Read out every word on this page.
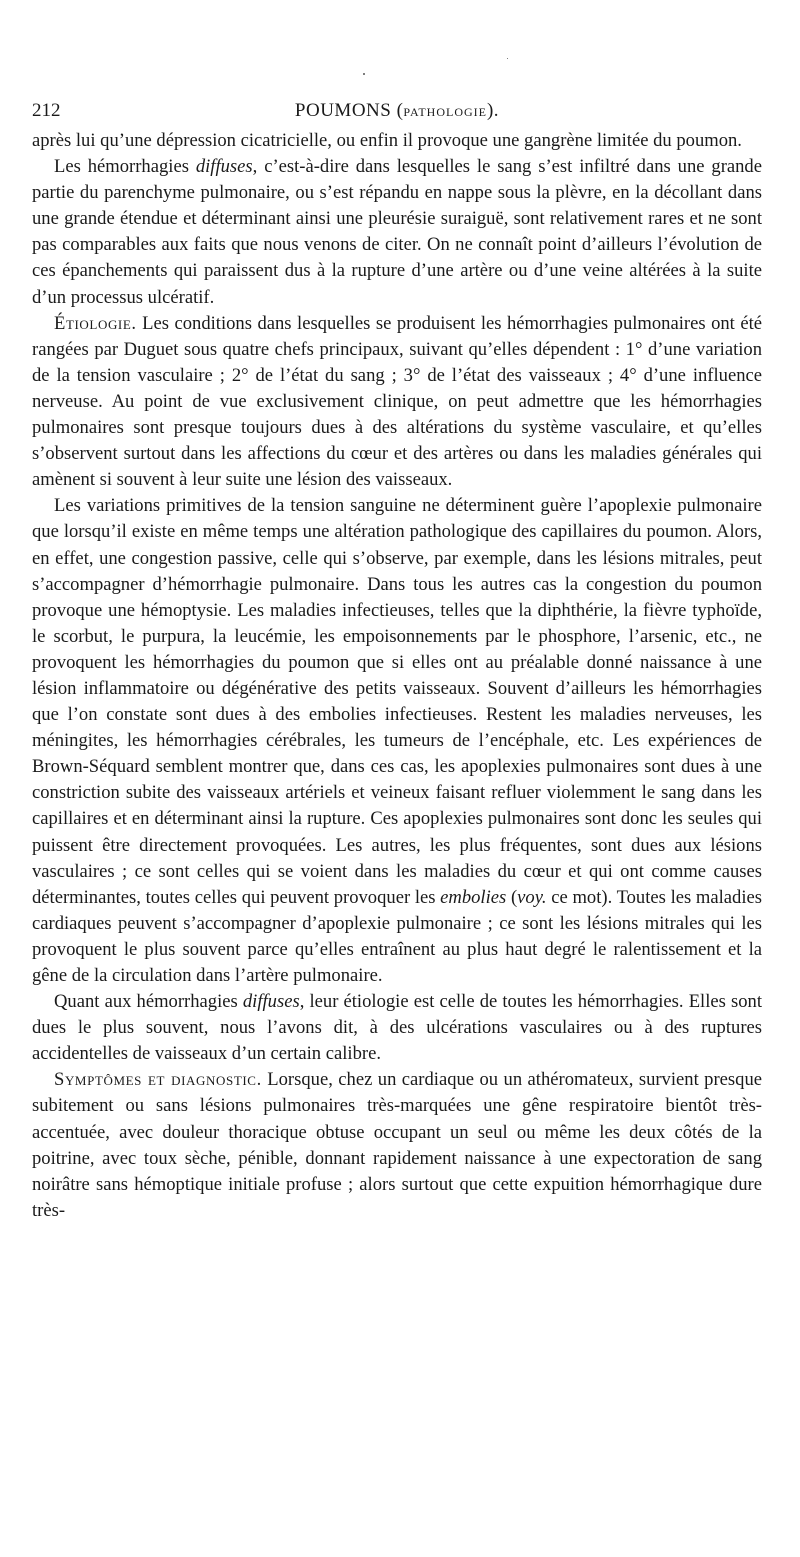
212	POUMONS (PATHOLOGIE).

après lui qu’une dépression cicatricielle, ou enfin il provoque une gangrène limitée du poumon.

Les hémorrhagies diffuses, c’est-à-dire dans lesquelles le sang s’est infiltré dans une grande partie du parenchyme pulmonaire, ou s’est répandu en nappe sous la plèvre, en la décollant dans une grande étendue et déterminant ainsi une pleurésie suraiguë, sont relativement rares et ne sont pas comparables aux faits que nous venons de citer. On ne connaît point d’ailleurs l’évolution de ces épanchements qui paraissent dus à la rupture d’une artère ou d’une veine altérées à la suite d’un processus ulcératif.

Étiologie. Les conditions dans lesquelles se produisent les hémorrhagies pulmonaires ont été rangées par Duguet sous quatre chefs principaux, suivant qu’elles dépendent : 1° d’une variation de la tension vasculaire ; 2° de l’état du sang ; 3° de l’état des vaisseaux ; 4° d’une influence nerveuse. Au point de vue exclusivement clinique, on peut admettre que les hémorrhagies pulmonaires sont presque toujours dues à des altérations du système vasculaire, et qu’elles s’observent surtout dans les affections du cœur et des artères ou dans les maladies générales qui amènent si souvent à leur suite une lésion des vaisseaux.

Les variations primitives de la tension sanguine ne déterminent guère l’apoplexie pulmonaire que lorsqu’il existe en même temps une altération pathologique des capillaires du poumon. Alors, en effet, une congestion passive, celle qui s’observe, par exemple, dans les lésions mitrales, peut s’accompagner d’hémorrhagie pulmonaire. Dans tous les autres cas la congestion du poumon provoque une hémoptysie. Les maladies infectieuses, telles que la diphthérie, la fièvre typhoïde, le scorbut, le purpura, la leucémie, les empoisonnements par le phosphore, l’arsenic, etc., ne provoquent les hémorrhagies du poumon que si elles ont au préalable donné naissance à une lésion inflammatoire ou dégénérative des petits vaisseaux. Souvent d’ailleurs les hémorrhagies que l’on constate sont dues à des embolies infectieuses. Restent les maladies nerveuses, les méningites, les hémorrhagies cérébrales, les tumeurs de l’encéphale, etc. Les expériences de Brown-Séquard semblent montrer que, dans ces cas, les apoplexies pulmonaires sont dues à une constriction subite des vaisseaux artériels et veineux faisant refluer violemment le sang dans les capillaires et en déterminant ainsi la rupture. Ces apoplexies pulmonaires sont donc les seules qui puissent être directement provoquées. Les autres, les plus fréquentes, sont dues aux lésions vasculaires ; ce sont celles qui se voient dans les maladies du cœur et qui ont comme causes déterminantes, toutes celles qui peuvent provoquer les embolies (voy. ce mot). Toutes les maladies cardiaques peuvent s’accompagner d’apoplexie pulmonaire ; ce sont les lésions mitrales qui les provoquent le plus souvent parce qu’elles entraînent au plus haut degré le ralentissement et la gêne de la circulation dans l’artère pulmonaire.

Quant aux hémorrhagies diffuses, leur étiologie est celle de toutes les hémorrhagies. Elles sont dues le plus souvent, nous l’avons dit, à des ulcérations vasculaires ou à des ruptures accidentelles de vaisseaux d’un certain calibre.

Symptômes et diagnostic. Lorsque, chez un cardiaque ou un athéromateux, survient presque subitement ou sans lésions pulmonaires très-marquées une gêne respiratoire bientôt très-accentuée, avec douleur thoracique obtuse occupant un seul ou même les deux côtés de la poitrine, avec toux sèche, pénible, donnant rapidement naissance à une expectoration de sang noirâtre sans hémoptique initiale profuse ; alors surtout que cette expuition hémorrhagique dure très-
